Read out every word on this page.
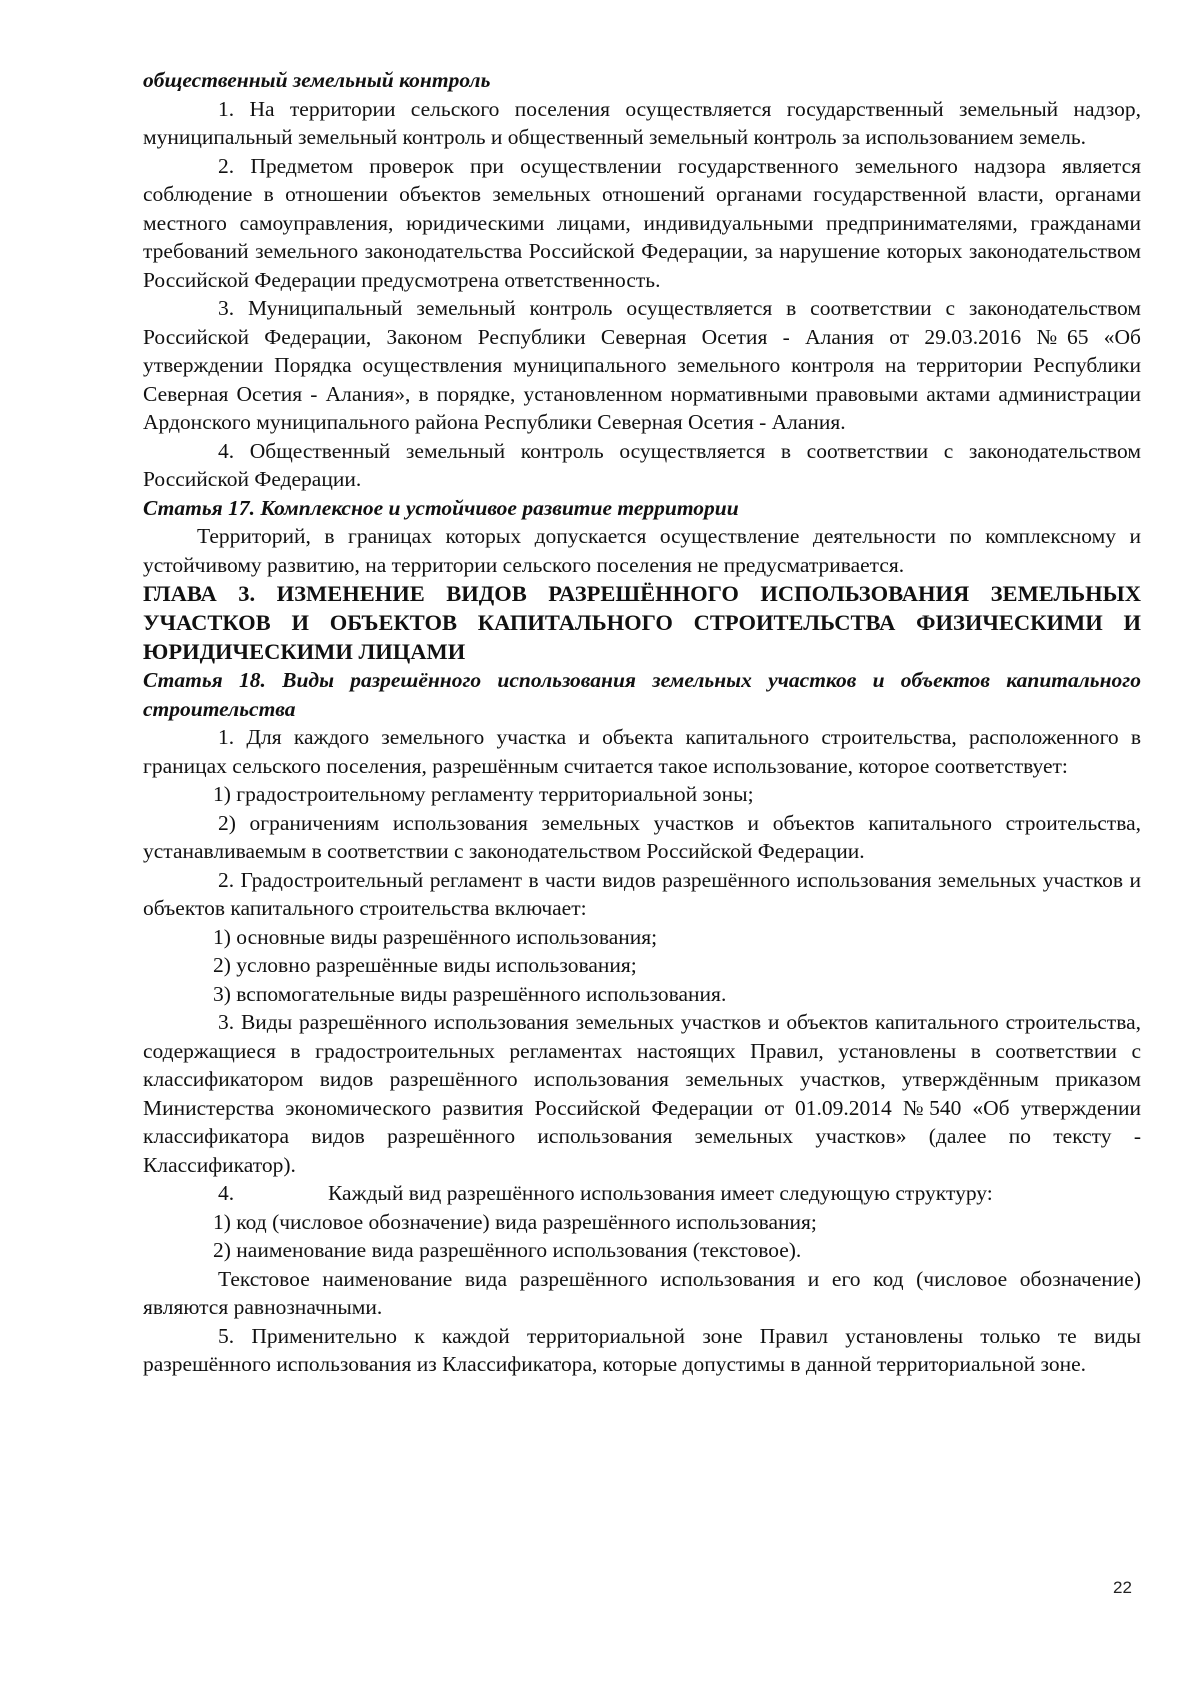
общественный земельный контроль

1. На территории сельского поселения осуществляется государственный земельный надзор, муниципальный земельный контроль и общественный земельный контроль за использованием земель.

2. Предметом проверок при осуществлении государственного земельного надзора является соблюдение в отношении объектов земельных отношений органами государственной власти, органами местного самоуправления, юридическими лицами, индивидуальными предпринимателями, гражданами требований земельного законодательства Российской Федерации, за нарушение которых законодательством Российской Федерации предусмотрена ответственность.

3. Муниципальный земельный контроль осуществляется в соответствии с законодательством Российской Федерации, Законом Республики Северная Осетия - Алания от 29.03.2016 №65 «Об утверждении Порядка осуществления муниципального земельного контроля на территории Республики Северная Осетия - Алания», в порядке, установленном нормативными правовыми актами администрации Ардонского муниципального района Республики Северная Осетия - Алания.

4. Общественный земельный контроль осуществляется в соответствии с законодательством Российской Федерации.

Статья 17. Комплексное и устойчивое развитие территории

Территорий, в границах которых допускается осуществление деятельности по комплексному и устойчивому развитию, на территории сельского поселения не предусматривается.

ГЛАВА 3. ИЗМЕНЕНИЕ ВИДОВ РАЗРЕШЁННОГО ИСПОЛЬЗОВАНИЯ ЗЕМЕЛЬНЫХ УЧАСТКОВ И ОБЪЕКТОВ КАПИТАЛЬНОГО СТРОИТЕЛЬСТВА ФИЗИЧЕСКИМИ И ЮРИДИЧЕСКИМИ ЛИЦАМИ

Статья 18. Виды разрешённого использования земельных участков и объектов капитального строительства

1. Для каждого земельного участка и объекта капитального строительства, расположенного в границах сельского поселения, разрешённым считается такое использование, которое соответствует:

1) градостроительному регламенту территориальной зоны;

2) ограничениям использования земельных участков и объектов капитального строительства, устанавливаемым в соответствии с законодательством Российской Федерации.

2. Градостроительный регламент в части видов разрешённого использования земельных участков и объектов капитального строительства включает:

1) основные виды разрешённого использования;

2) условно разрешённые виды использования;

3) вспомогательные виды разрешённого использования.

3. Виды разрешённого использования земельных участков и объектов капитального строительства, содержащиеся в градостроительных регламентах настоящих Правил, установлены в соответствии с классификатором видов разрешённого использования земельных участков, утверждённым приказом Министерства экономического развития Российской Федерации от 01.09.2014 №540 «Об утверждении классификатора видов разрешённого использования земельных участков» (далее по тексту - Классификатор).

4.	Каждый вид разрешённого использования имеет следующую структуру:

1) код (числовое обозначение) вида разрешённого использования;

2) наименование вида разрешённого использования (текстовое).

Текстовое наименование вида разрешённого использования и его код (числовое обозначение) являются равнозначными.

5. Применительно к каждой территориальной зоне Правил установлены только те виды разрешённого использования из Классификатора, которые допустимы в данной территориальной зоне.

22
